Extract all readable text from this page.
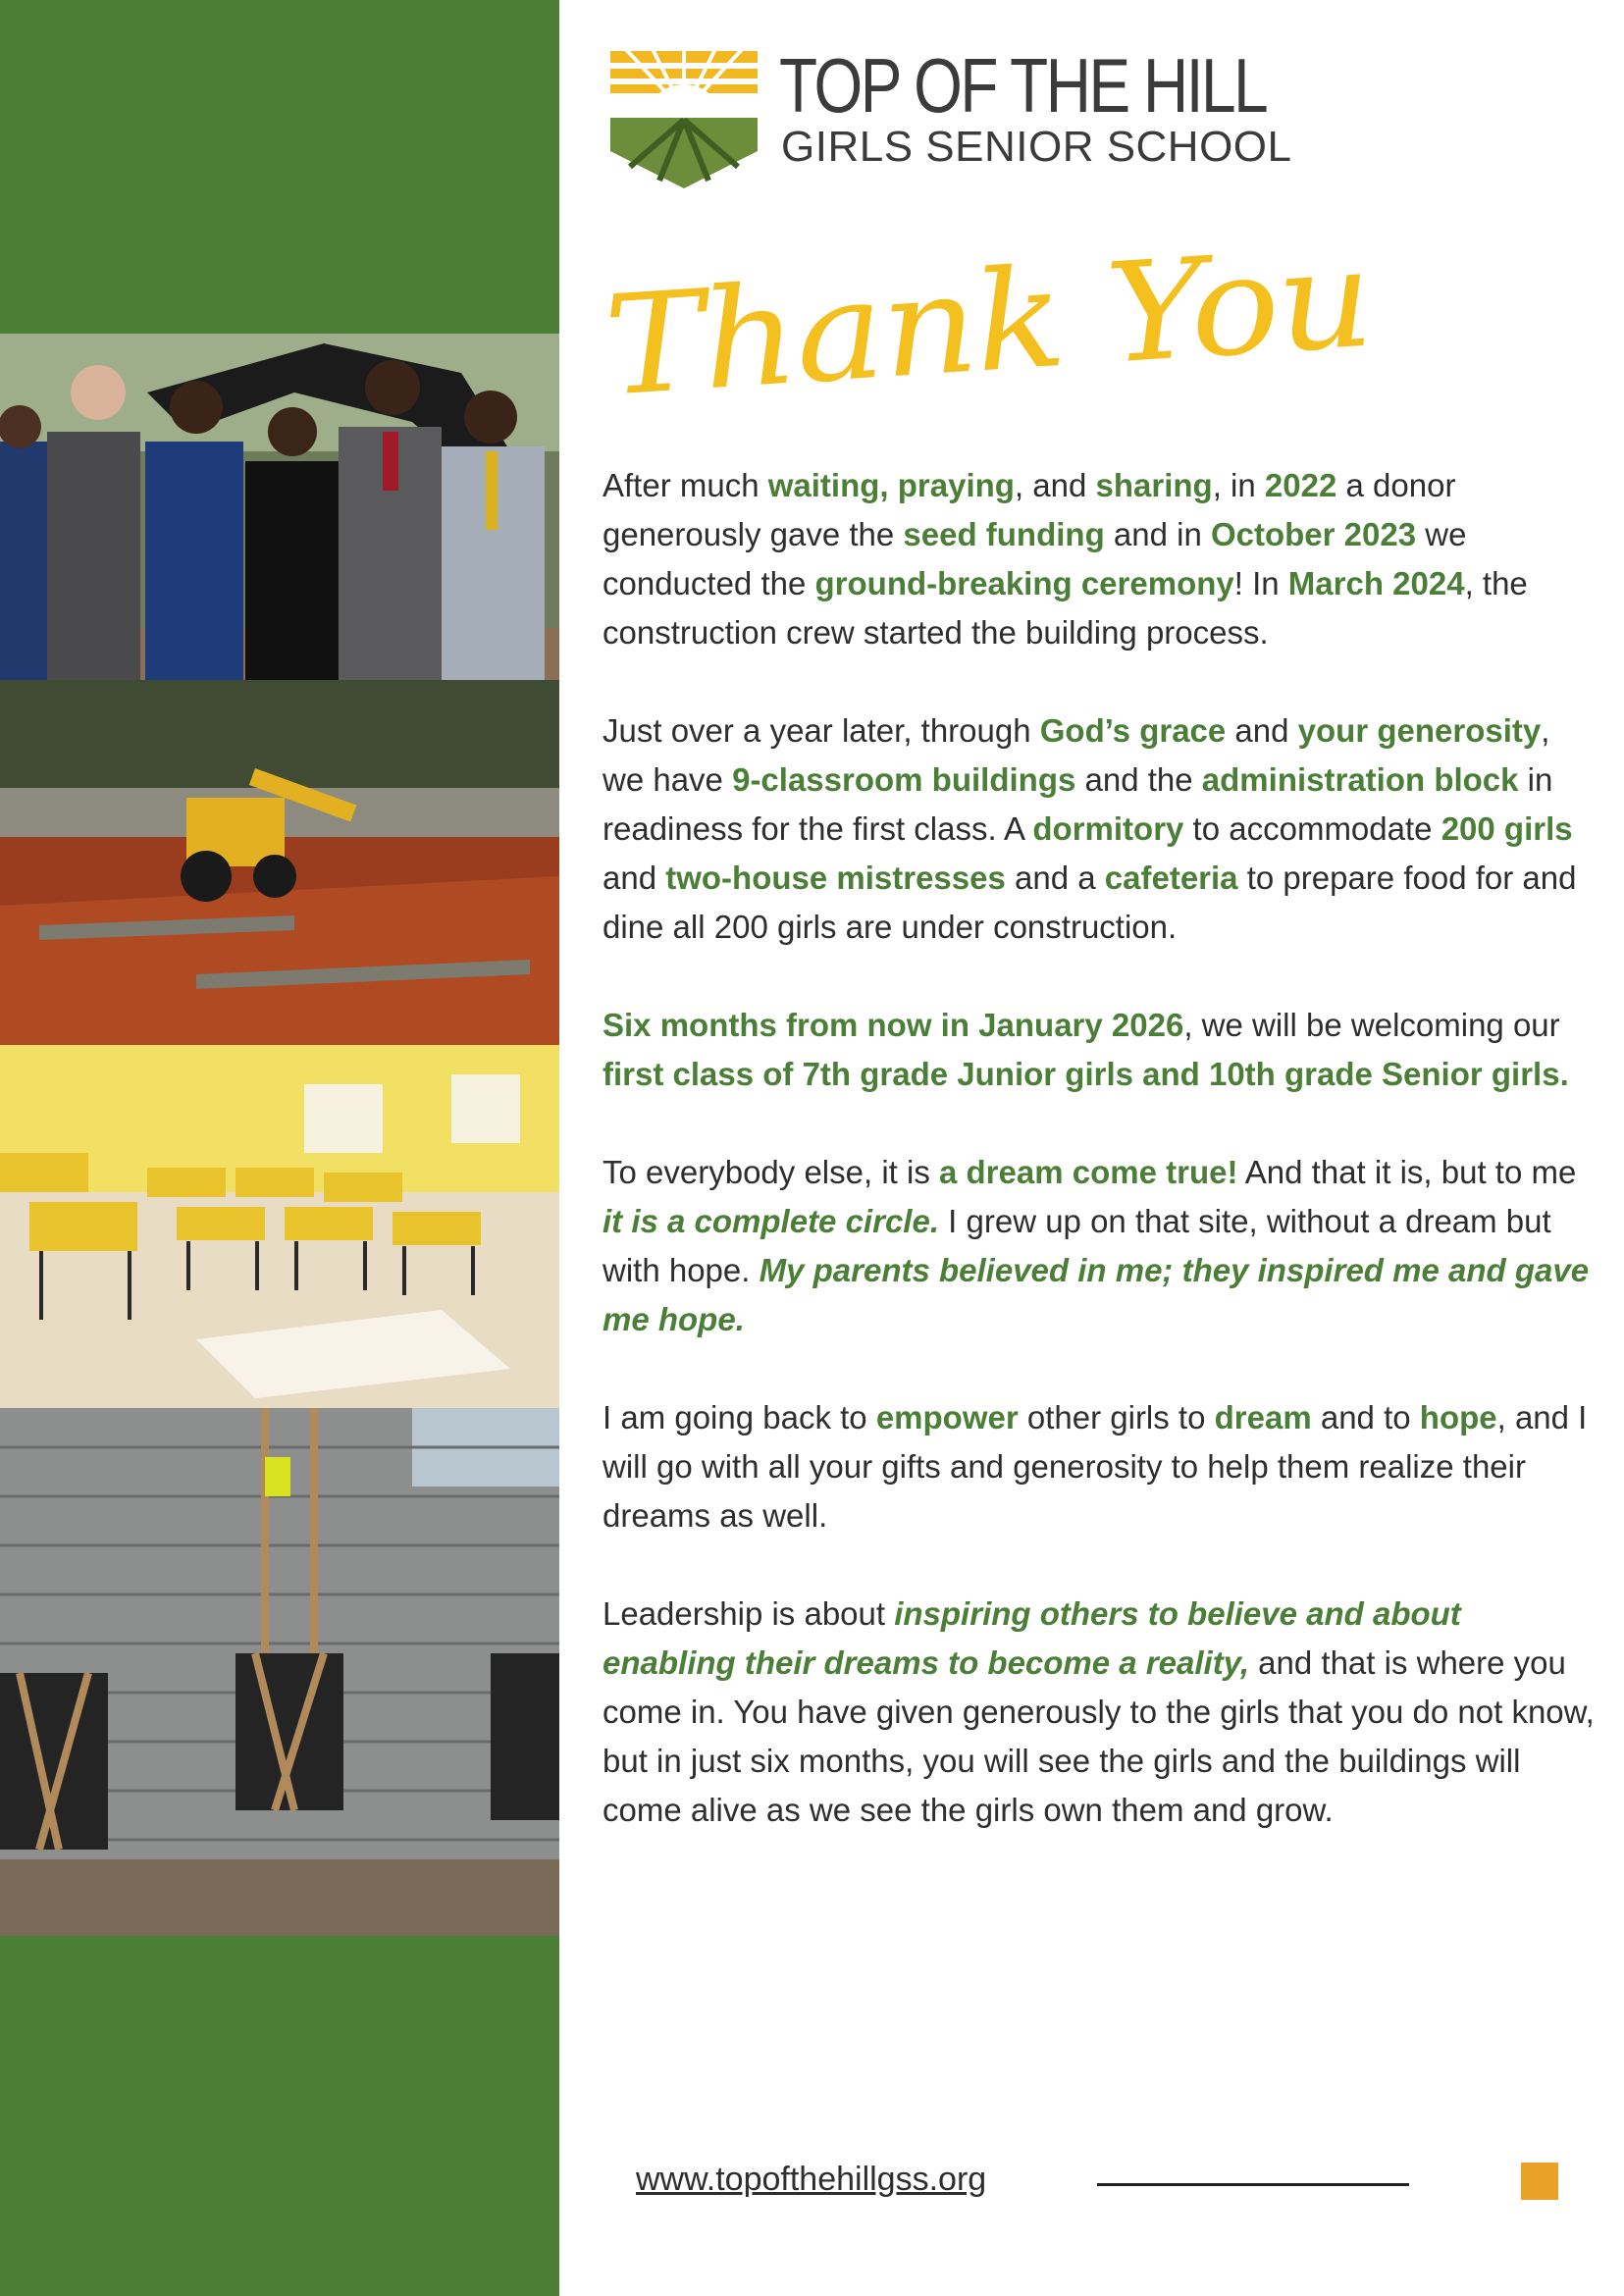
TOP OF THE HILL
GIRLS SENIOR SCHOOL
Thank You

After much waiting, praying, and sharing, in 2022 a donor generously gave the seed funding and in October 2023 we conducted the ground-breaking ceremony! In March 2024, the construction crew started the building process.

Just over a year later, through God’s grace and your generosity, we have 9-classroom buildings and the administration block in readiness for the first class. A dormitory to accommodate 200 girls and two-house mistresses and a cafeteria to prepare food for and dine all 200 girls are under construction.

Six months from now in January 2026, we will be welcoming our first class of 7th grade Junior girls and 10th grade Senior girls.

To everybody else, it is a dream come true! And that it is, but to me it is a complete circle. I grew up on that site, without a dream but with hope. My parents believed in me; they inspired me and gave me hope.

I am going back to empower other girls to dream and to hope, and I will go with all your gifts and generosity to help them realize their dreams as well.

Leadership is about inspiring others to believe and about enabling their dreams to become a reality, and that is where you come in. You have given generously to the girls that you do not know, but in just six months, you will see the girls and the buildings will come alive as we see the girls own them and grow.

www.topofthehillgss.org
